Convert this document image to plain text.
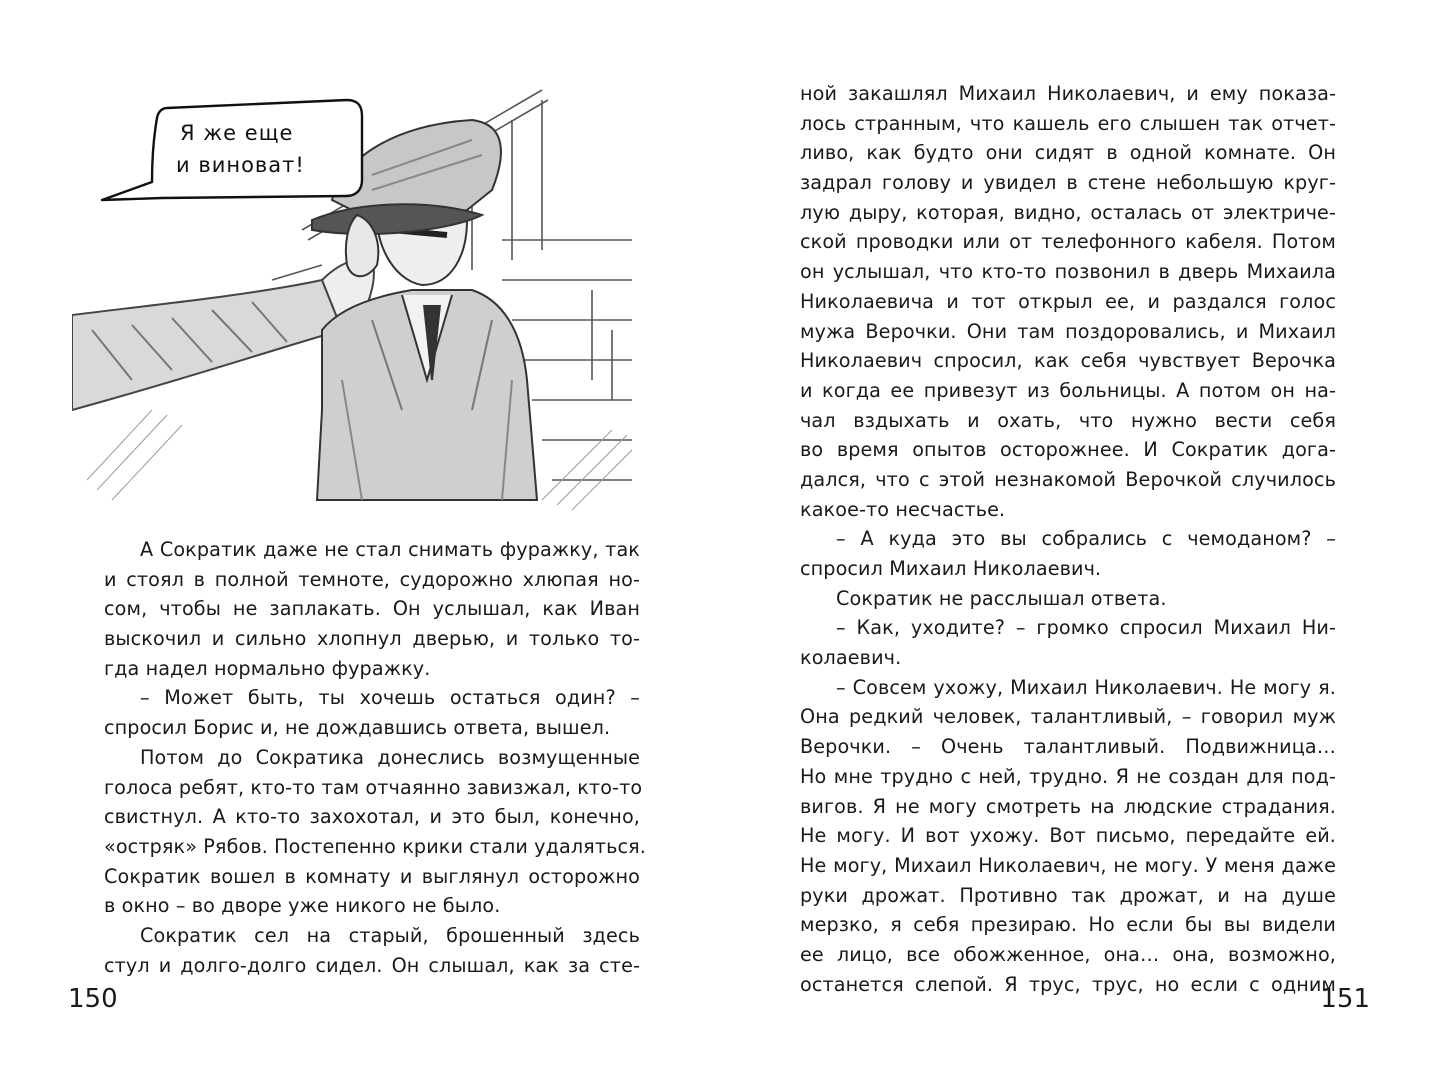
Я же еще
и виноват!
А Сократик даже не стал снимать фуражку, так
и стоял в полной темноте, судорожно хлюпая но-
сом, чтобы не заплакать. Он услышал, как Иван
выскочил и сильно хлопнул дверью, и только то-
гда надел нормально фуражку.
– Может быть, ты хочешь остаться один? –
спросил Борис и, не дождавшись ответа, вышел.
Потом до Сократика донеслись возмущенные
голоса ребят, кто-то там отчаянно завизжал, кто-то
свистнул. А кто-то захохотал, и это был, конечно,
«остряк» Рябов. Постепенно крики стали удаляться.
Сократик вошел в комнату и выглянул осторожно
в окно – во дворе уже никого не было.
Сократик сел на старый, брошенный здесь
стул и долго-долго сидел. Он слышал, как за сте-
150
ной закашлял Михаил Николаевич, и ему показа-
лось странным, что кашель его слышен так отчет-
ливо, как будто они сидят в одной комнате. Он
задрал голову и увидел в стене небольшую круг-
лую дыру, которая, видно, осталась от электриче-
ской проводки или от телефонного кабеля. Потом
он услышал, что кто-то позвонил в дверь Михаила
Николаевича и тот открыл ее, и раздался голос
мужа Верочки. Они там поздоровались, и Михаил
Николаевич спросил, как себя чувствует Верочка
и когда ее привезут из больницы. А потом он на-
чал вздыхать и охать, что нужно вести себя
во время опытов осторожнее. И Сократик дога-
дался, что с этой незнакомой Верочкой случилось
какое-то несчастье.
– А куда это вы собрались с чемоданом? –
спросил Михаил Николаевич.
Сократик не расслышал ответа.
– Как, уходите? – громко спросил Михаил Ни-
колаевич.
– Совсем ухожу, Михаил Николаевич. Не могу я.
Она редкий человек, талантливый, – говорил муж
Верочки. – Очень талантливый. Подвижница…
Но мне трудно с ней, трудно. Я не создан для под-
вигов. Я не могу смотреть на людские страдания.
Не могу. И вот ухожу. Вот письмо, передайте ей.
Не могу, Михаил Николаевич, не могу. У меня даже
руки дрожат. Противно так дрожат, и на душе
мерзко, я себя презираю. Но если бы вы видели
ее лицо, все обожженное, она… она, возможно,
останется слепой. Я трус, трус, но если с одним
151
